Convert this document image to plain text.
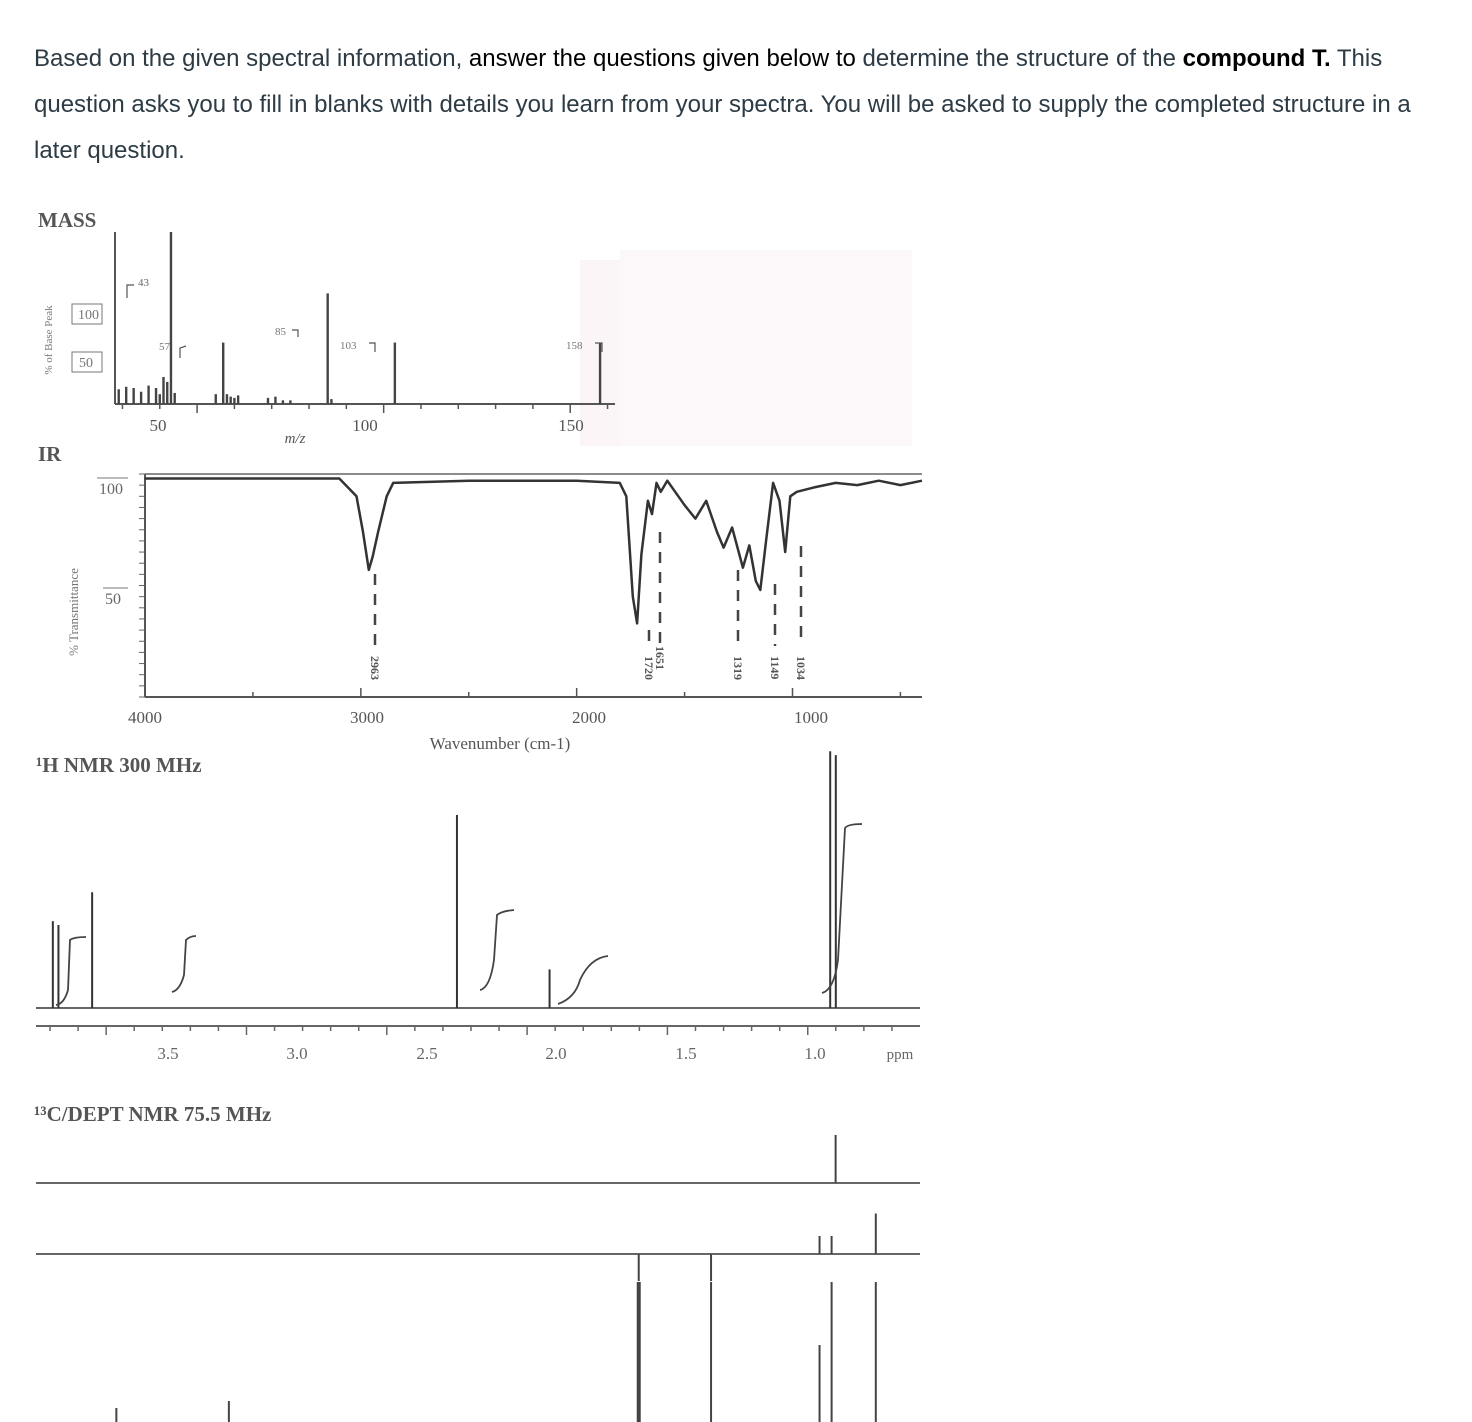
Based on the given spectral information, answer the questions given below to determine the structure of the compound T. This question asks you to fill in blanks with details you learn from your spectra. You will be asked to supply the completed structure in a later question.
MASS
% of Base Peak 100
50
50	100	150
m/z
43
57
85
103	158
IR
% Transmittance
100
50
4000	3000	2000	1000
Wavenumber (cm-1)
2963	1651
1720	1319 1149 1034
¹H NMR 300 MHz
3.5	3.0	2.5	2.0	1.5	1.0	ppm
¹³C/DEPT NMR 75.5 MHz
